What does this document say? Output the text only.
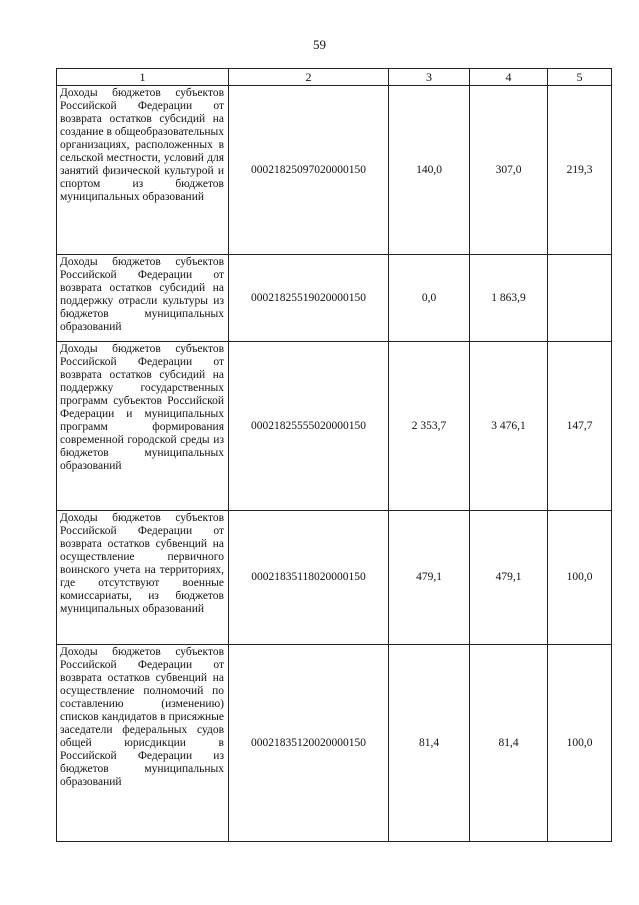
59
1	2	3	4	5

Доходы бюджетов субъектов Российской Федерации от возврата остатков субсидий на создание в общеобразовательных организациях, расположенных в сельской местности, условий для занятий физической культурой и спортом из бюджетов муниципальных образований	00021825097020000150	140,0	307,0	219,3

Доходы бюджетов субъектов Российской Федерации от возврата остатков субсидий на поддержку отрасли культуры из бюджетов муниципальных образований	00021825519020000150	0,0	1 863,9	

Доходы бюджетов субъектов Российской Федерации от возврата остатков субсидий на поддержку государственных программ субъектов Российской Федерации и муниципальных программ формирования современной городской среды из бюджетов муниципальных образований	00021825555020000150	2 353,7	3 476,1	147,7

Доходы бюджетов субъектов Российской Федерации от возврата остатков субвенций на осуществление первичного воинского учета на территориях, где отсутствуют военные комиссариаты, из бюджетов муниципальных образований	00021835118020000150	479,1	479,1	100,0

Доходы бюджетов субъектов Российской Федерации от возврата остатков субвенций на осуществление полномочий по составлению (изменению) списков кандидатов в присяжные заседатели федеральных судов общей юрисдикции в Российской Федерации из бюджетов муниципальных образований	00021835120020000150	81,4	81,4	100,0
